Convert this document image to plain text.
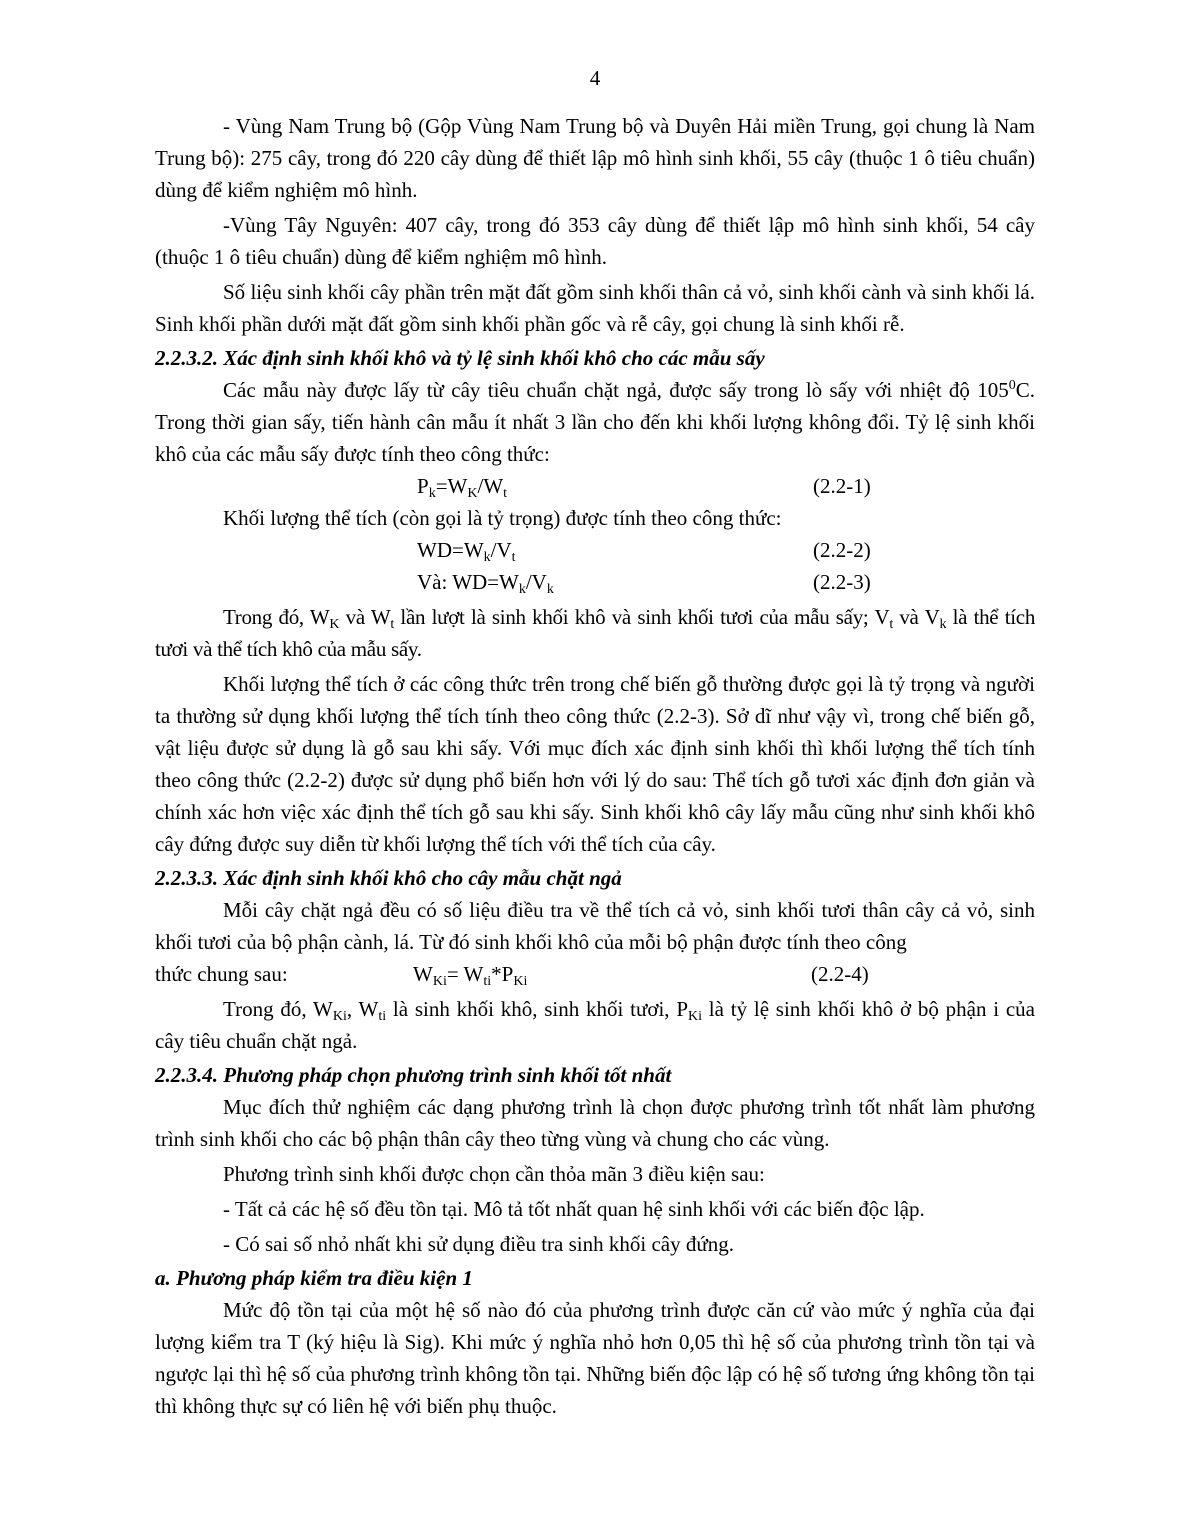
4

- Vùng Nam Trung bộ (Gộp Vùng Nam Trung bộ và Duyên Hải miền Trung, gọi chung là Nam Trung bộ): 275 cây, trong đó 220 cây dùng để thiết lập mô hình sinh khối, 55 cây (thuộc 1 ô tiêu chuẩn) dùng để kiểm nghiệm mô hình.

-Vùng Tây Nguyên: 407 cây, trong đó 353 cây dùng để thiết lập mô hình sinh khối, 54 cây (thuộc 1 ô tiêu chuẩn) dùng để kiểm nghiệm mô hình.

Số liệu sinh khối cây phần trên mặt đất gồm sinh khối thân cả vỏ, sinh khối cành và sinh khối lá. Sinh khối phần dưới mặt đất gồm sinh khối phần gốc và rễ cây, gọi chung là sinh khối rễ.

2.2.3.2. Xác định sinh khối khô và tỷ lệ sinh khối khô cho các mẫu sấy

Các mẫu này được lấy từ cây tiêu chuẩn chặt ngả, được sấy trong lò sấy với nhiệt độ $105^0C$. Trong thời gian sấy, tiến hành cân mẫu ít nhất 3 lần cho đến khi khối lượng không đổi. Tỷ lệ sinh khối khô của các mẫu sấy được tính theo công thức:

$P_k=W_K/W_t$	(2.2-1)

Khối lượng thể tích (còn gọi là tỷ trọng) được tính theo công thức:

$WD=W_k/V_t$	(2.2-2)
Và: $WD=W_k/V_k$	(2.2-3)

Trong đó, $W_K$ và $W_t$ lần lượt là sinh khối khô và sinh khối tươi của mẫu sấy; $V_t$ và $V_k$ là thể tích tươi và thể tích khô của mẫu sấy.

Khối lượng thể tích ở các công thức trên trong chế biến gỗ thường được gọi là tỷ trọng và người ta thường sử dụng khối lượng thể tích tính theo công thức (2.2-3). Sở dĩ như vậy vì, trong chế biến gỗ, vật liệu được sử dụng là gỗ sau khi sấy. Với mục đích xác định sinh khối thì khối lượng thể tích tính theo công thức (2.2-2) được sử dụng phổ biến hơn với lý do sau: Thể tích gỗ tươi xác định đơn giản và chính xác hơn việc xác định thể tích gỗ sau khi sấy. Sinh khối khô cây lấy mẫu cũng như sinh khối khô cây đứng được suy diễn từ khối lượng thể tích với thể tích của cây.

2.2.3.3. Xác định sinh khối khô cho cây mẫu chặt ngả

Mỗi cây chặt ngả đều có số liệu điều tra về thể tích cả vỏ, sinh khối tươi thân cây cả vỏ, sinh khối tươi của bộ phận cành, lá. Từ đó sinh khối khô của mỗi bộ phận được tính theo công

thức chung sau:	$W_{Ki}= W_{ti}*P_{Ki}$	(2.2-4)

Trong đó, $W_{Ki}$, $W_{ti}$ là sinh khối khô, sinh khối tươi, $P_{Ki}$ là tỷ lệ sinh khối khô ở bộ phận i của cây tiêu chuẩn chặt ngả.

2.2.3.4. Phương pháp chọn phương trình sinh khối tốt nhất

Mục đích thử nghiệm các dạng phương trình là chọn được phương trình tốt nhất làm phương trình sinh khối cho các bộ phận thân cây theo từng vùng và chung cho các vùng.

Phương trình sinh khối được chọn cần thỏa mãn 3 điều kiện sau:

- Tất cả các hệ số đều tồn tại. Mô tả tốt nhất quan hệ sinh khối với các biến độc lập.

- Có sai số nhỏ nhất khi sử dụng điều tra sinh khối cây đứng.

a. Phương pháp kiểm tra điều kiện 1

Mức độ tồn tại của một hệ số nào đó của phương trình được căn cứ vào mức ý nghĩa của đại lượng kiểm tra T (ký hiệu là Sig). Khi mức ý nghĩa nhỏ hơn 0,05 thì hệ số của phương trình tồn tại và ngược lại thì hệ số của phương trình không tồn tại. Những biến độc lập có hệ số tương ứng không tồn tại thì không thực sự có liên hệ với biến phụ thuộc.
